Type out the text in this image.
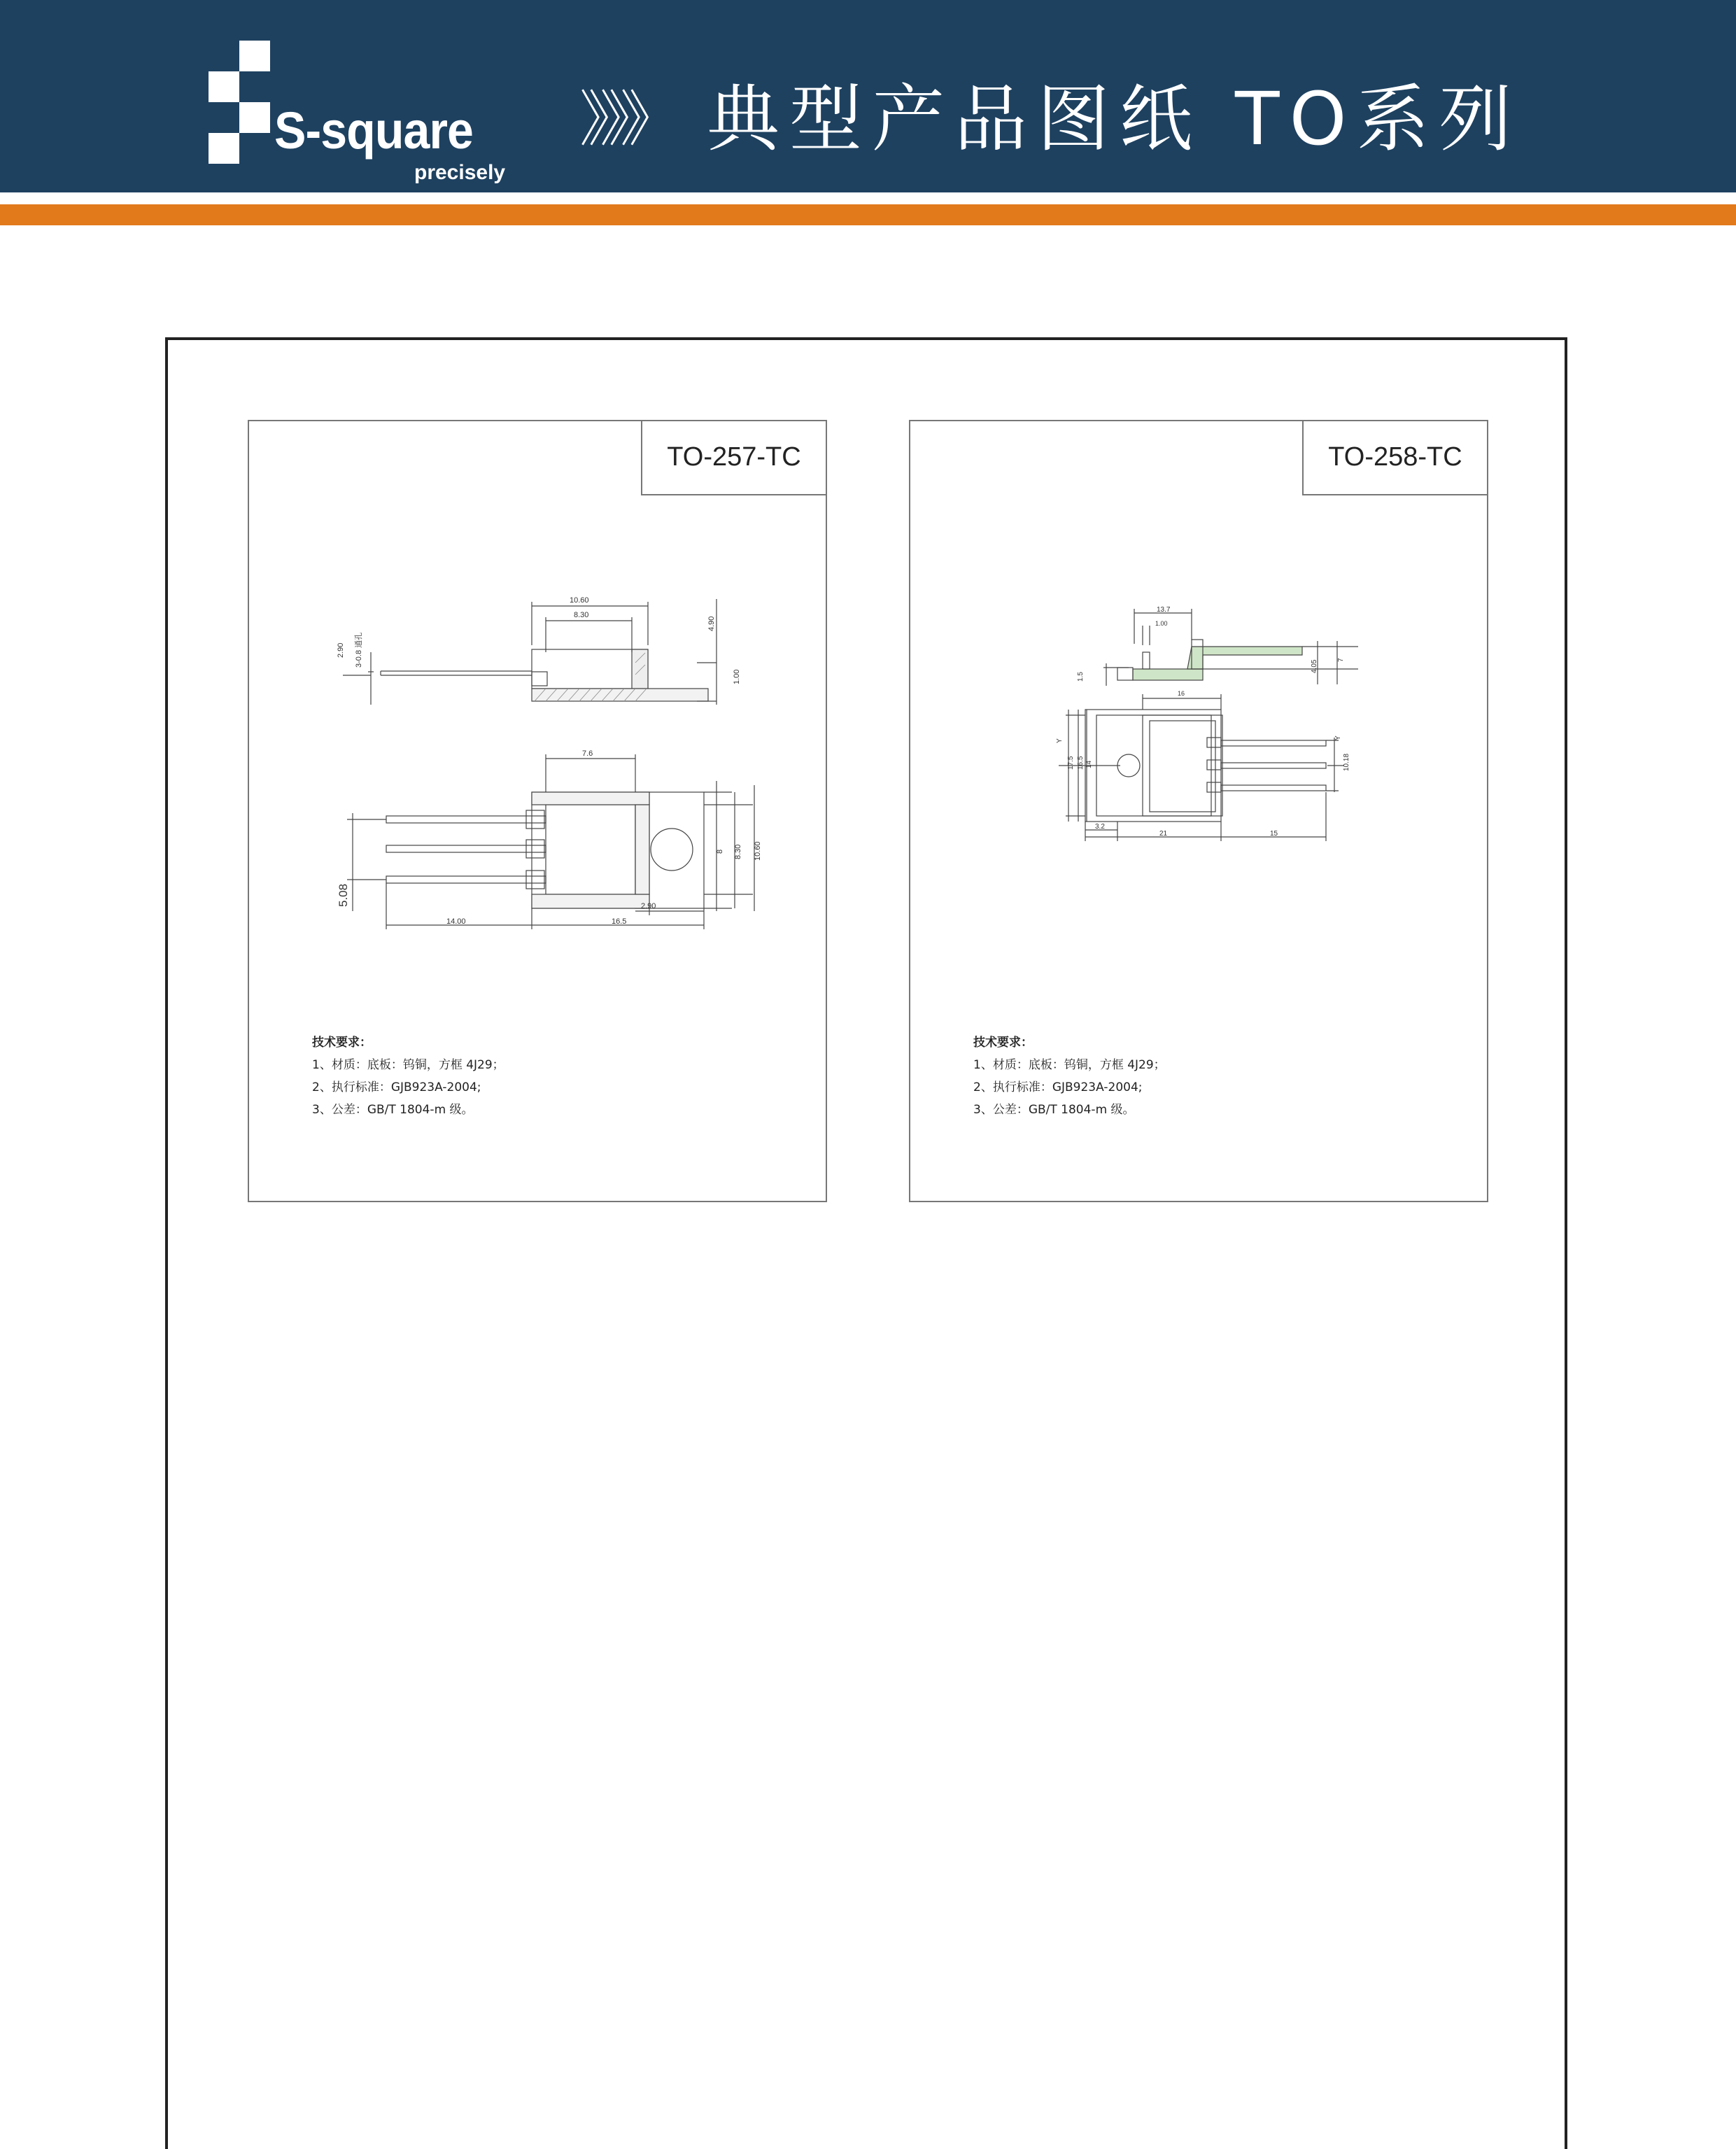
S-square
precisely
》》》 典型产品图纸 TO系列
TO-257-TC
10.60
8.30
4.90
2.90 3-0.8 通孔
1.00
7.6
8 8.30 10.60
5.08	2.90
14.00	16.5
技术要求：
1、材质：底板：钨铜，方框 4J29；
2、执行标准：GJB923A-2004;
3、公差：GB/T 1804-m 级。
TO-258-TC
13.7
1.00
1.5
4.05	7
16
Y
17.5 16.5 14	10.18
Y
3.2
21	15
技术要求：
1、材质：底板：钨铜，方框 4J29；
2、执行标准：GJB923A-2004;
3、公差：GB/T 1804-m 级。
